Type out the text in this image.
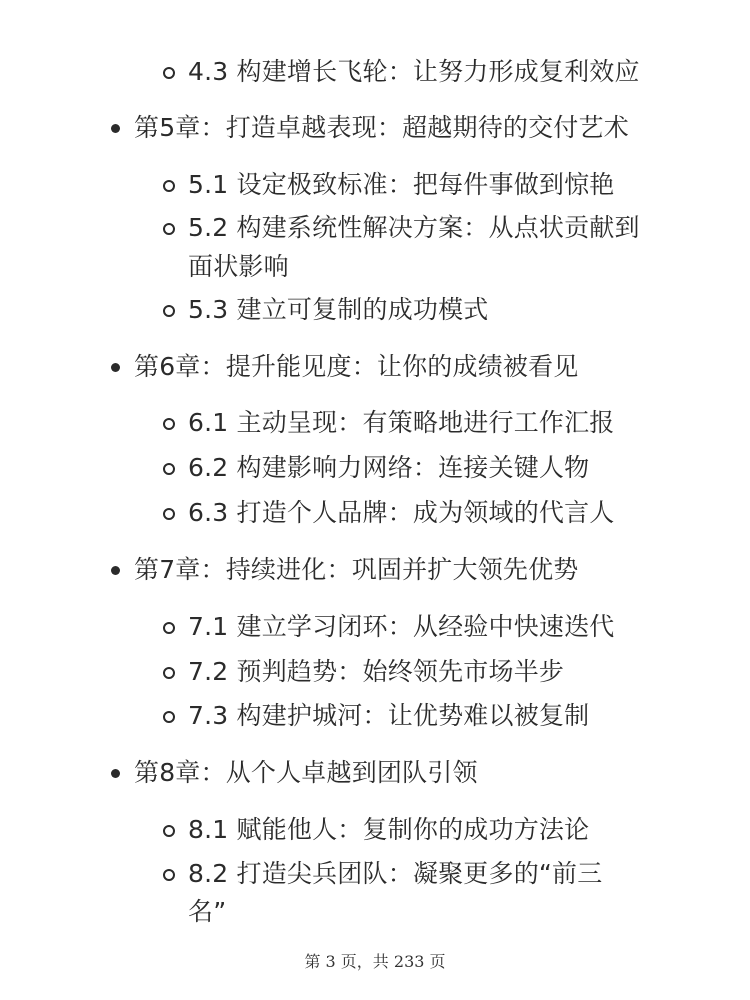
4.3 构建增长飞轮：让努力形成复利效应
第5章：打造卓越表现：超越期待的交付艺术
5.1 设定极致标准：把每件事做到惊艳
5.2 构建系统性解决方案：从点状贡献到
面状影响
5.3 建立可复制的成功模式
第6章：提升能见度：让你的成绩被看见
6.1 主动呈现：有策略地进行工作汇报
6.2 构建影响力网络：连接关键人物
6.3 打造个人品牌：成为领域的代言人
第7章：持续进化：巩固并扩大领先优势
7.1 建立学习闭环：从经验中快速迭代
7.2 预判趋势：始终领先市场半步
7.3 构建护城河：让优势难以被复制
第8章：从个人卓越到团队引领
8.1 赋能他人：复制你的成功方法论
8.2 打造尖兵团队：凝聚更多的“前三
名”
第 3 页，共 233 页
